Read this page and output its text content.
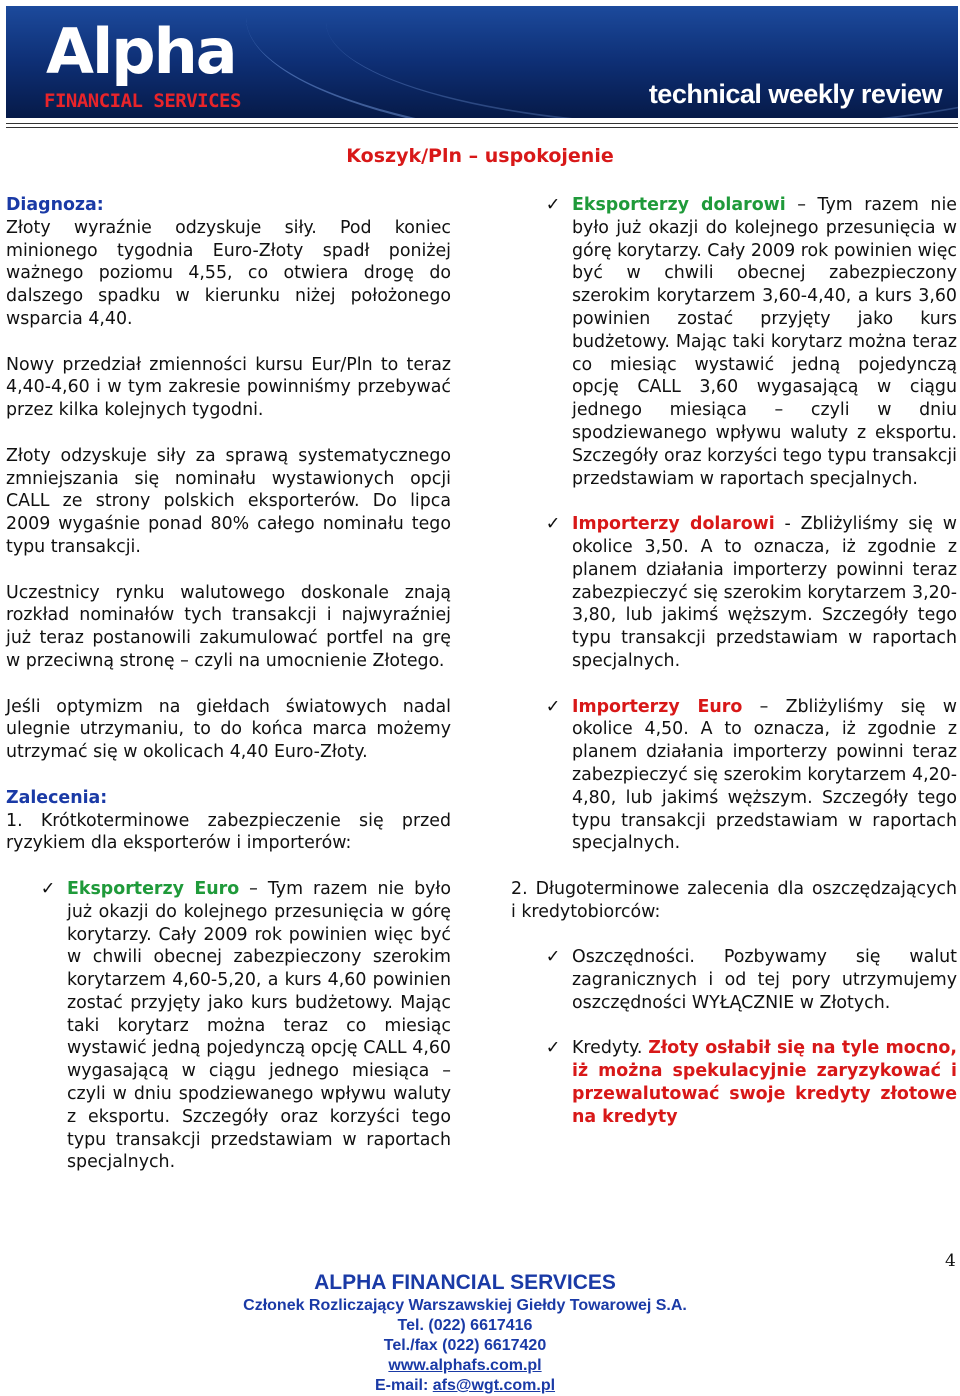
Alpha
FINANCIAL SERVICES	technical weekly review
Koszyk/Pln – uspokojenie
Diagnoza:

Złoty wyraźnie odzyskuje siły. Pod koniec minionego tygodnia Euro-Złoty spadł poniżej ważnego poziomu 4,55, co otwiera drogę do dalszego spadku w kierunku niżej położonego wsparcia 4,40.

Nowy przedział zmienności kursu Eur/Pln to teraz 4,40-4,60 i w tym zakresie powinniśmy przebywać przez kilka kolejnych tygodni.

Złoty odzyskuje siły za sprawą systematycznego zmniejszania się nominału wystawionych opcji CALL ze strony polskich eksporterów. Do lipca 2009 wygaśnie ponad 80% całego nominału tego typu transakcji.

Uczestnicy rynku walutowego doskonale znają rozkład nominałów tych transakcji i najwyraźniej już teraz postanowili zakumulować portfel na grę w przeciwną stronę – czyli na umocnienie Złotego.

Jeśli optymizm na giełdach światowych nadal ulegnie utrzymaniu, to do końca marca możemy utrzymać się w okolicach 4,40 Euro-Złoty.

Zalecenia:

1. Krótkoterminowe zabezpieczenie się przed ryzykiem dla eksporterów i importerów:

✓ Eksporterzy Euro – Tym razem nie było już okazji do kolejnego przesunięcia w górę korytarzy. Cały 2009 rok powinien więc być w chwili obecnej zabezpieczony szerokim korytarzem 4,60-5,20, a kurs 4,60 powinien zostać przyjęty jako kurs budżetowy. Mając taki korytarz można teraz co miesiąc wystawić jedną pojedynczą opcję CALL 4,60 wygasającą w ciągu jednego miesiąca – czyli w dniu spodziewanego wpływu waluty z eksportu. Szczegóły oraz korzyści tego typu transakcji przedstawiam w raportach specjalnych.
✓ Eksporterzy dolarowi – Tym razem nie było już okazji do kolejnego przesunięcia w górę korytarzy. Cały 2009 rok powinien więc być w chwili obecnej zabezpieczony szerokim korytarzem 3,60-4,40, a kurs 3,60 powinien zostać przyjęty jako kurs budżetowy. Mając taki korytarz można teraz co miesiąc wystawić jedną pojedynczą opcję CALL 3,60 wygasającą w ciągu jednego miesiąca – czyli w dniu spodziewanego wpływu waluty z eksportu. Szczegóły oraz korzyści tego typu transakcji przedstawiam w raportach specjalnych.
✓ Importerzy dolarowi - Zbliżyliśmy się w okolice 3,50. A to oznacza, iż zgodnie z planem działania importerzy powinni teraz zabezpieczyć się szerokim korytarzem 3,20-3,80, lub jakimś węższym. Szczegóły tego typu transakcji przedstawiam w raportach specjalnych.
✓ Importerzy Euro – Zbliżyliśmy się w okolice 4,50. A to oznacza, iż zgodnie z planem działania importerzy powinni teraz zabezpieczyć się szerokim korytarzem 4,20-4,80, lub jakimś węższym. Szczegóły tego typu transakcji przedstawiam w raportach specjalnych.

2. Długoterminowe zalecenia dla oszczędzających i kredytobiorców:

✓ Oszczędności. Pozbywamy się walut zagranicznych i od tej pory utrzymujemy oszczędności WYŁĄCZNIE w Złotych.
✓ Kredyty. Złoty osłabił się na tyle mocno, iż można spekulacyjnie zaryzykować i przewalutować swoje kredyty złotowe na kredyty
4
ALPHA FINANCIAL SERVICES
Członek Rozliczający Warszawskiej Giełdy Towarowej S.A.
Tel. (022) 6617416
Tel./fax (022) 6617420
www.alphafs.com.pl
E-mail: afs@wgt.com.pl
